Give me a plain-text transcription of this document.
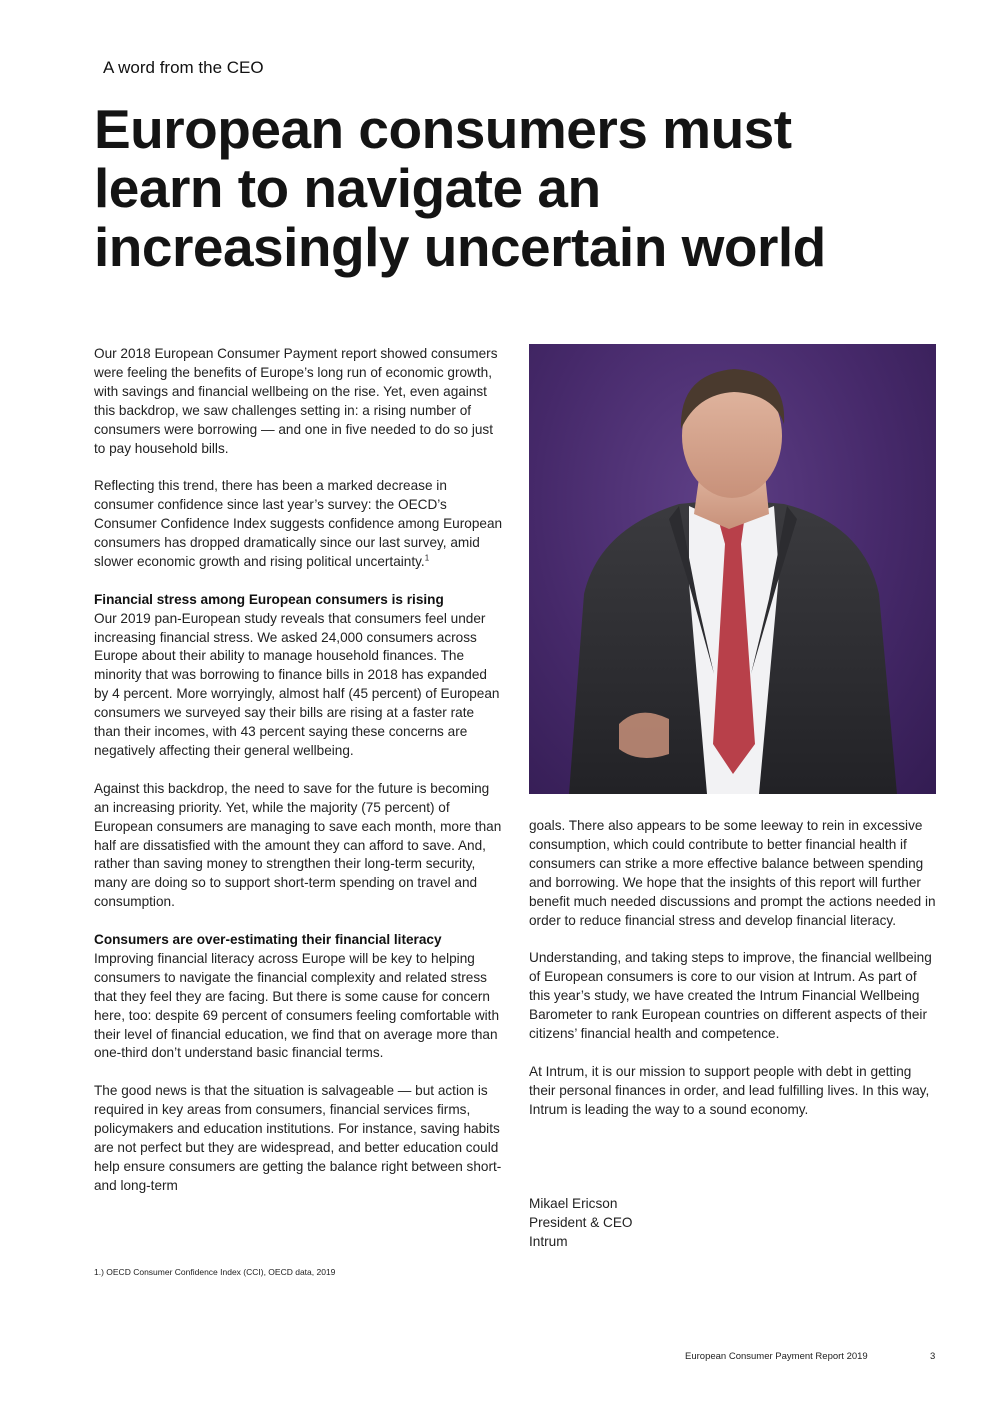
A word from the CEO
European consumers must
learn to navigate an
increasingly uncertain world

Our 2018 European Consumer Payment report showed consumers were feeling the benefits of Europe’s long run of economic growth, with savings and financial wellbeing on the rise. Yet, even against this backdrop, we saw challenges setting in: a rising number of consumers were borrowing — and one in five needed to do so just to pay household bills.

Reflecting this trend, there has been a marked decrease in consumer confidence since last year’s survey: the OECD’s Consumer Confidence Index suggests confidence among European consumers has dropped dramatically since our last survey, amid slower economic growth and rising political uncertainty.$^1$

Financial stress among European consumers is rising
Our 2019 pan-European study reveals that consumers feel under increasing financial stress. We asked 24,000 consumers across Europe about their ability to manage household finances. The minority that was borrowing to finance bills in 2018 has expanded by 4 percent. More worryingly, almost half (45 percent) of European consumers we surveyed say their bills are rising at a faster rate than their incomes, with 43 percent saying these concerns are negatively affecting their general wellbeing.

Against this backdrop, the need to save for the future is becoming an increasing priority. Yet, while the majority (75 percent) of European consumers are managing to save each month, more than half are dissatisfied with the amount they can afford to save. And, rather than saving money to strengthen their long-term security, many are doing so to support short-term spending on travel and consumption.

Consumers are over-estimating their financial literacy
Improving financial literacy across Europe will be key to helping consumers to navigate the financial complexity and related stress that they feel they are facing. But there is some cause for concern here, too: despite 69 percent of consumers feeling comfortable with their level of financial education, we find that on average more than one-third don’t understand basic financial terms.

The good news is that the situation is salvageable — but action is required in key areas from consumers, financial services firms, policymakers and education institutions. For instance, saving habits are not perfect but they are widespread, and better education could help ensure consumers are getting the balance right between short- and long-term

goals. There also appears to be some leeway to rein in excessive consumption, which could contribute to better financial health if consumers can strike a more effective balance between spending and borrowing. We hope that the insights of this report will further benefit much needed discussions and prompt the actions needed in order to reduce financial stress and develop financial literacy.

Understanding, and taking steps to improve, the financial wellbeing of European consumers is core to our vision at Intrum. As part of this year’s study, we have created the Intrum Financial Wellbeing Barometer to rank European countries on different aspects of their citizens’ financial health and competence.

At Intrum, it is our mission to support people with debt in getting their personal finances in order, and lead fulfilling lives. In this way, Intrum is leading the way to a sound economy.

Mikael Ericson
President & CEO
Intrum
1.) OECD Consumer Confidence Index (CCI), OECD data, 2019
European Consumer Payment Report 2019	3
